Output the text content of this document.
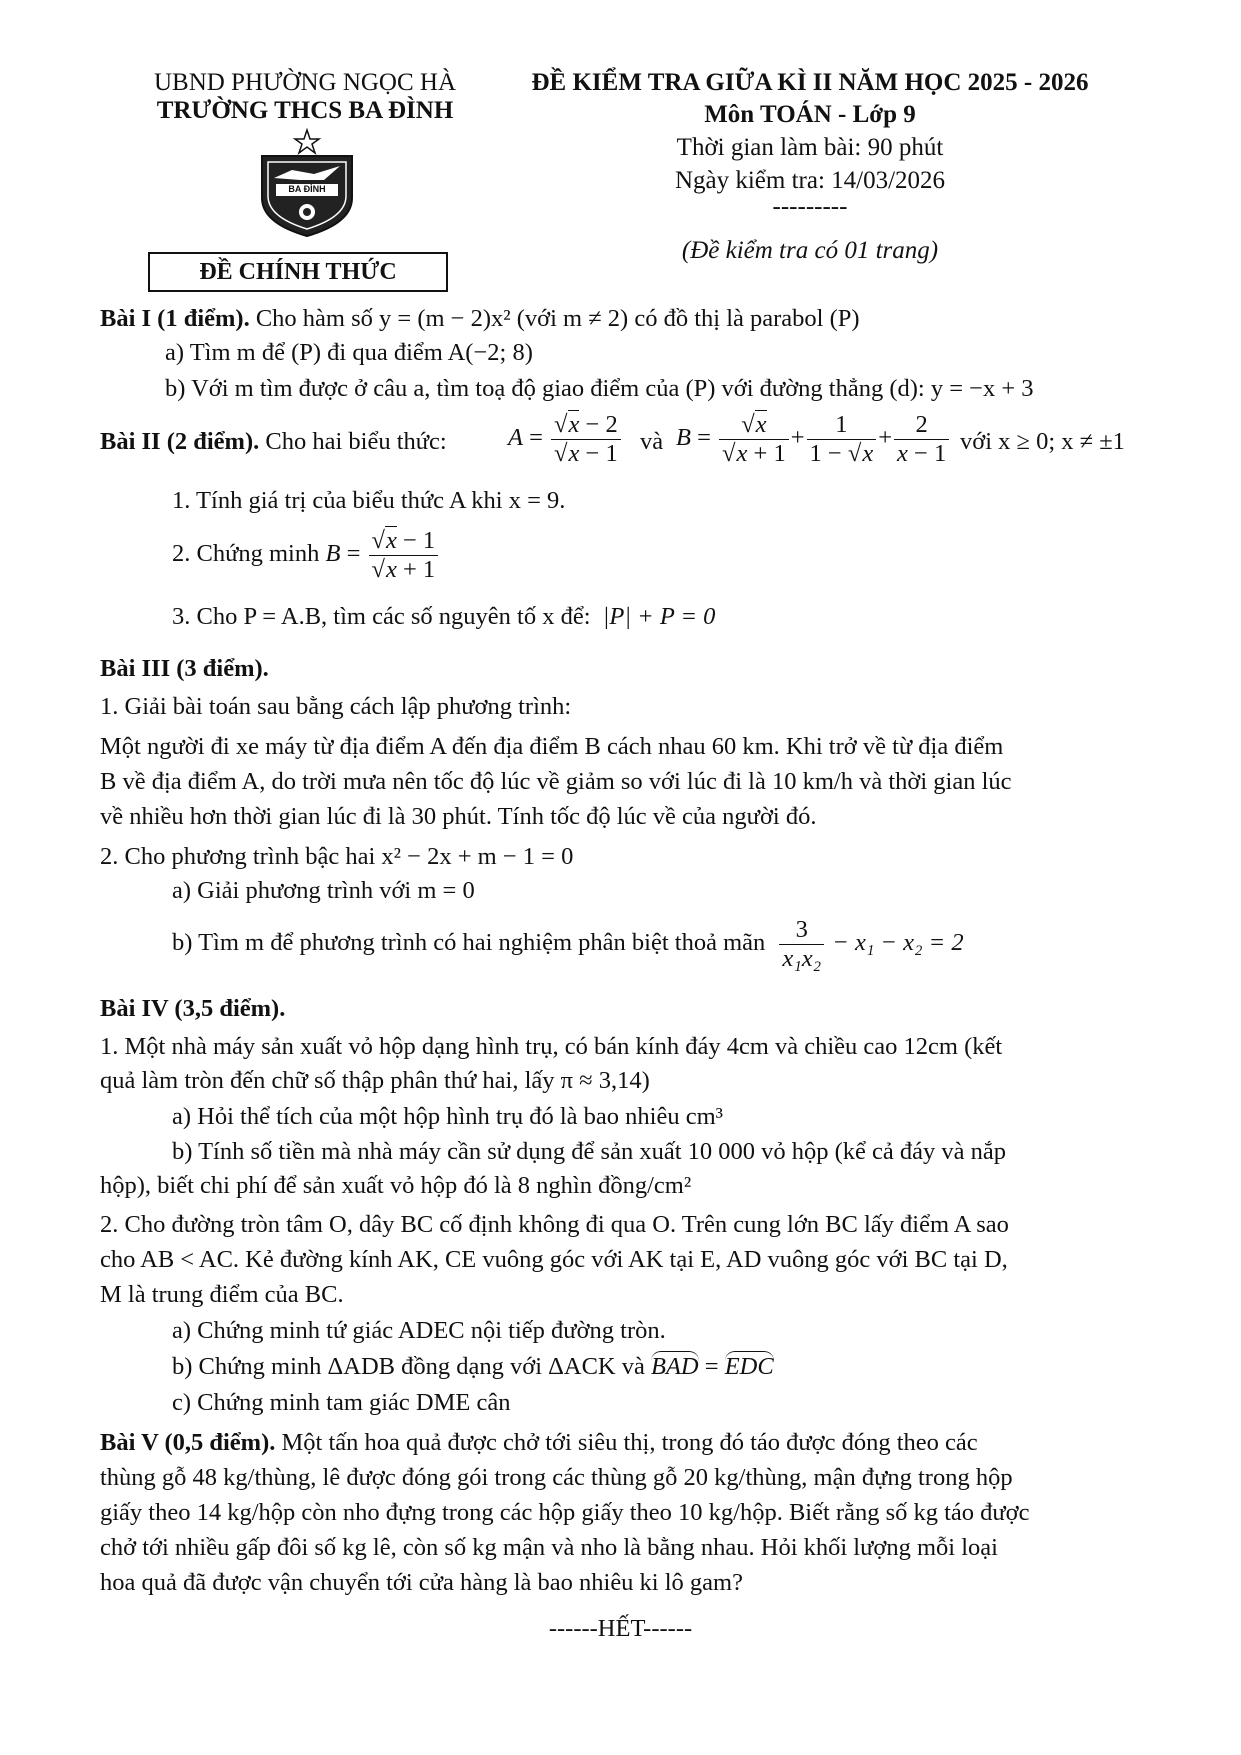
UBND PHƯỜNG NGỌC HÀ
TRƯỜNG THCS BA ĐÌNH
BA ĐÌNH
ĐỀ CHÍNH THỨC
ĐỀ KIỂM TRA GIỮA KÌ II NĂM HỌC 2025 - 2026
Môn TOÁN - Lớp 9
Thời gian làm bài: 90 phút
Ngày kiểm tra: 14/03/2026
---------
(Đề kiểm tra có 01 trang)
Bài I (1 điểm). Cho hàm số y = (m − 2)x² (với m ≠ 2) có đồ thị là parabol (P)
a) Tìm m để (P) đi qua điểm A(−2; 8)
b) Với m tìm được ở câu a, tìm toạ độ giao điểm của (P) với đường thẳng (d): y = −x + 3
Bài II (2 điểm). Cho hai biểu thức:	$A = \frac{√x - 2}{√x - 1}$ và $B = \frac{√x}{√x + 1} + \frac{1}{1 - √x} + \frac{2}{x - 1}$ với x ≥ 0; x ≠ ±1
1. Tính giá trị của biểu thức A khi x = 9.
2. Chứng minh $B = \frac{√x - 1}{√x + 1}$
3. Cho P = A.B, tìm các số nguyên tố x để: |P| + P = 0
Bài III (3 điểm).
1. Giải bài toán sau bằng cách lập phương trình:
Một người đi xe máy từ địa điểm A đến địa điểm B cách nhau 60 km. Khi trở về từ địa điểm
B về địa điểm A, do trời mưa nên tốc độ lúc về giảm so với lúc đi là 10 km/h và thời gian lúc
về nhiều hơn thời gian lúc đi là 30 phút. Tính tốc độ lúc về của người đó.
2. Cho phương trình bậc hai x² − 2x + m − 1 = 0
a) Giải phương trình với m = 0
b) Tìm m để phương trình có hai nghiệm phân biệt thoả mãn $\frac{3}{\text{x₁x₂}} - x_1 - x_2 = 2$
Bài IV (3,5 điểm).
1. Một nhà máy sản xuất vỏ hộp dạng hình trụ, có bán kính đáy 4cm và chiều cao 12cm (kết
quả làm tròn đến chữ số thập phân thứ hai, lấy π ≈ 3,14)
a) Hỏi thể tích của một hộp hình trụ đó là bao nhiêu cm³
b) Tính số tiền mà nhà máy cần sử dụng để sản xuất 10 000 vỏ hộp (kể cả đáy và nắp
hộp), biết chi phí để sản xuất vỏ hộp đó là 8 nghìn đồng/cm²
2. Cho đường tròn tâm O, dây BC cố định không đi qua O. Trên cung lớn BC lấy điểm A sao
cho AB < AC. Kẻ đường kính AK, CE vuông góc với AK tại E, AD vuông góc với BC tại D,
M là trung điểm của BC.
a) Chứng minh tứ giác ADEC nội tiếp đường tròn.
b) Chứng minh ΔADB đồng dạng với ΔACK và BAD = EDC
c) Chứng minh tam giác DME cân
Bài V (0,5 điểm). Một tấn hoa quả được chở tới siêu thị, trong đó táo được đóng theo các
thùng gỗ 48 kg/thùng, lê được đóng gói trong các thùng gỗ 20 kg/thùng, mận đựng trong hộp
giấy theo 14 kg/hộp còn nho đựng trong các hộp giấy theo 10 kg/hộp. Biết rằng số kg táo được
chở tới nhiều gấp đôi số kg lê, còn số kg mận và nho là bằng nhau. Hỏi khối lượng mỗi loại
hoa quả đã được vận chuyển tới cửa hàng là bao nhiêu ki lô gam?
------HẾT------
